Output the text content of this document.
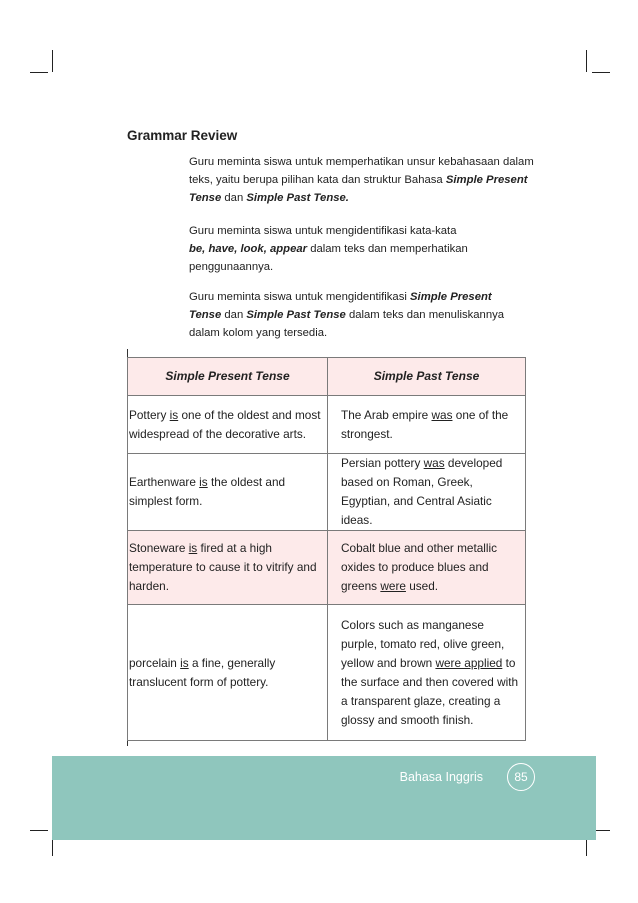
Grammar Review

Guru meminta siswa untuk memperhatikan unsur kebahasaan dalam teks, yaitu berupa pilihan kata dan struktur Bahasa Simple Present Tense dan Simple Past Tense.

Guru meminta siswa untuk mengidentifikasi kata-kata
be, have, look, appear dalam teks dan memperhatikan penggunaannya.

Guru meminta siswa untuk mengidentifikasi Simple Present Tense dan Simple Past Tense dalam teks dan menuliskannya dalam kolom yang tersedia.

Simple Present Tense	Simple Past Tense
Pottery is one of the oldest and most widespread of the decorative arts.	The Arab empire was one of the strongest.
Earthenware is the oldest and simplest form.	Persian pottery was developed based on Roman, Greek, Egyptian, and Central Asiatic ideas.
Stoneware is fired at a high temperature to cause it to vitrify and harden.	Cobalt blue and other metallic oxides to produce blues and greens were used.
porcelain is a fine, generally translucent form of pottery.	Colors such as manganese purple, tomato red, olive green, yellow and brown were applied to the surface and then covered with a transparent glaze, creating a glossy and smooth finish.
Bahasa Inggris	85
